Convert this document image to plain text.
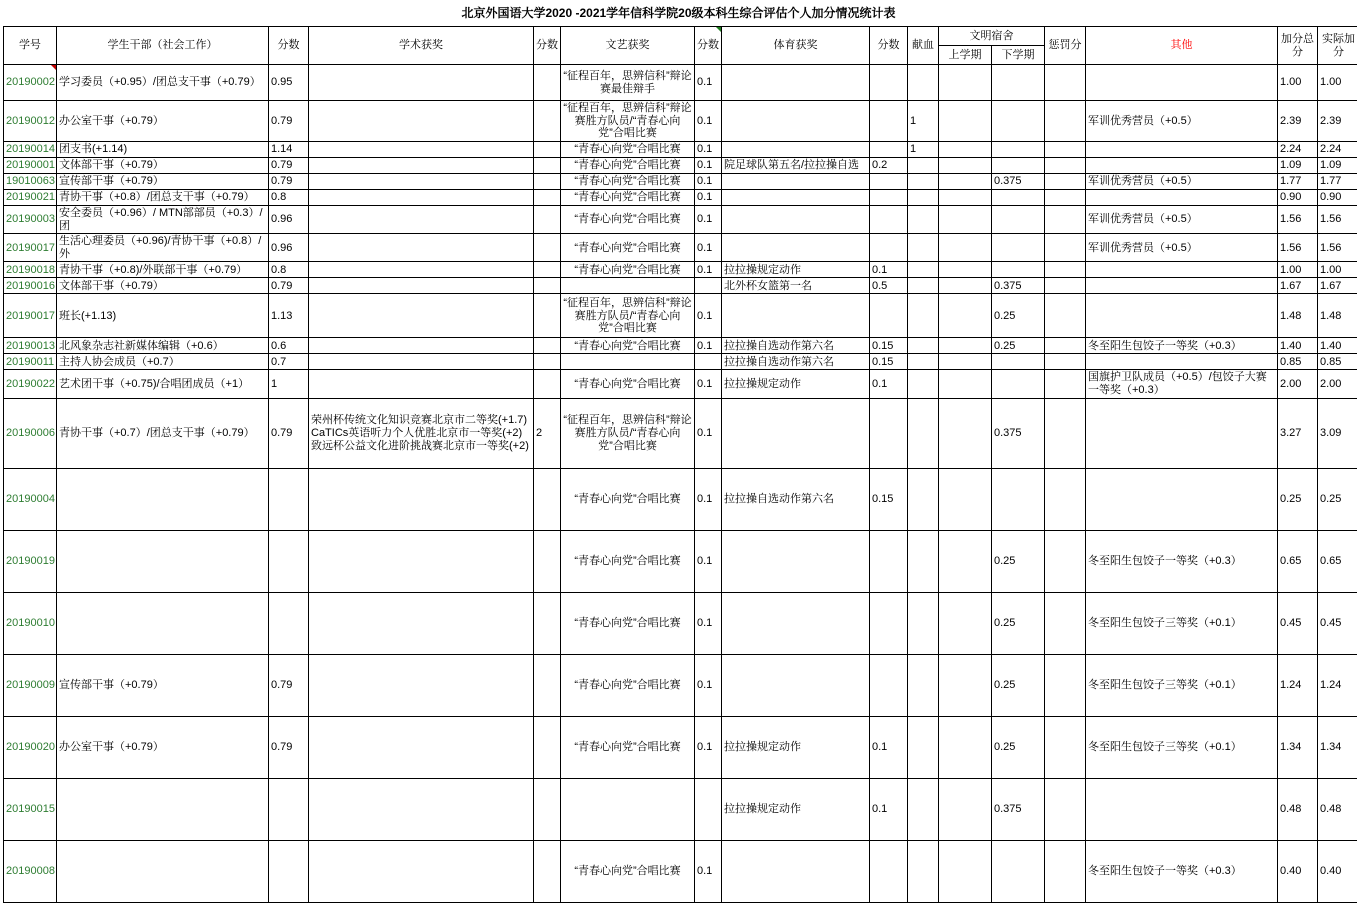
北京外国语大学2020 -2021学年信科学院20级本科生综合评估个人加分情况统计表
学号	学生干部（社会工作）	分数	学术获奖	分数	文艺获奖	分数	体育获奖	分数	献血	文明宿舍		惩罚分	其他	加分总分	实际加分
										上学期	下学期				
20190002	学习委员（+0.95）/团总支干事（+0.79）	0.95			“征程百年，思辨信科”辩论赛最佳辩手	0.1								1.00	1.00
20190012	办公室干事（+0.79）	0.79			“征程百年，思辨信科”辩论赛胜方队员/“青春心向党”合唱比赛	0.1			1				军训优秀营员（+0.5）	2.39	2.39
20190014	团支书(+1.14)	1.14			“青春心向党”合唱比赛	0.1			1					2.24	2.24
20190001	文体部干事（+0.79）	0.79			“青春心向党”合唱比赛	0.1	院足球队第五名/拉拉操自选	0.2						1.09	1.09
19010063	宣传部干事（+0.79）	0.79			“青春心向党”合唱比赛	0.1					0.375		军训优秀营员（+0.5）	1.77	1.77
20190021	青协干事（+0.8）/团总支干事（+0.79）	0.8			“青春心向党”合唱比赛	0.1								0.90	0.90
20190003	安全委员（+0.96）/ MTN部部员（+0.3）/团	0.96			“青春心向党”合唱比赛	0.1							军训优秀营员（+0.5）	1.56	1.56
20190017	生活心理委员（+0.96)/青协干事（+0.8）/外	0.96			“青春心向党”合唱比赛	0.1							军训优秀营员（+0.5）	1.56	1.56
20190018	青协干事（+0.8)/外联部干事（+0.79）	0.8			“青春心向党”合唱比赛	0.1	拉拉操规定动作	0.1						1.00	1.00
20190016	文体部干事（+0.79）	0.79					北外杯女篮第一名	0.5			0.375			1.67	1.67
20190017	班长(+1.13)	1.13			“征程百年，思辨信科”辩论赛胜方队员/“青春心向党”合唱比赛	0.1					0.25			1.48	1.48
20190013	北风象杂志社新媒体编辑（+0.6）	0.6			“青春心向党”合唱比赛	0.1	拉拉操自选动作第六名	0.15			0.25		冬至阳生包饺子一等奖（+0.3）	1.40	1.40
20190011	主持人协会成员（+0.7）	0.7					拉拉操自选动作第六名	0.15						0.85	0.85
20190022	艺术团干事（+0.75)/合唱团成员（+1）	1			“青春心向党”合唱比赛	0.1	拉拉操规定动作	0.1					国旗护卫队成员（+0.5）/包饺子大赛一等奖（+0.3）	2.00	2.00
20190006	青协干事（+0.7）/团总支干事（+0.79）	0.79	荣州杯传统文化知识竞赛北京市二等奖(+1.7)
CaTICs英语听力个人优胜北京市一等奖(+2)
致远杯公益文化进阶挑战赛北京市一等奖(+2)	2	“征程百年，思辨信科”辩论赛胜方队员/“青春心向党”合唱比赛	0.1					0.375			3.27	3.09
20190004					“青春心向党”合唱比赛	0.1	拉拉操自选动作第六名	0.15						0.25	0.25
20190019					“青春心向党”合唱比赛	0.1					0.25		冬至阳生包饺子一等奖（+0.3）	0.65	0.65
20190010					“青春心向党”合唱比赛	0.1					0.25		冬至阳生包饺子三等奖（+0.1）	0.45	0.45
20190009	宣传部干事（+0.79）	0.79			“青春心向党”合唱比赛	0.1					0.25		冬至阳生包饺子三等奖（+0.1）	1.24	1.24
20190020	办公室干事（+0.79）	0.79			“青春心向党”合唱比赛	0.1	拉拉操规定动作	0.1			0.25		冬至阳生包饺子三等奖（+0.1）	1.34	1.34
20190015							拉拉操规定动作	0.1			0.375			0.48	0.48
20190008					“青春心向党”合唱比赛	0.1							冬至阳生包饺子一等奖（+0.3）	0.40	0.40
